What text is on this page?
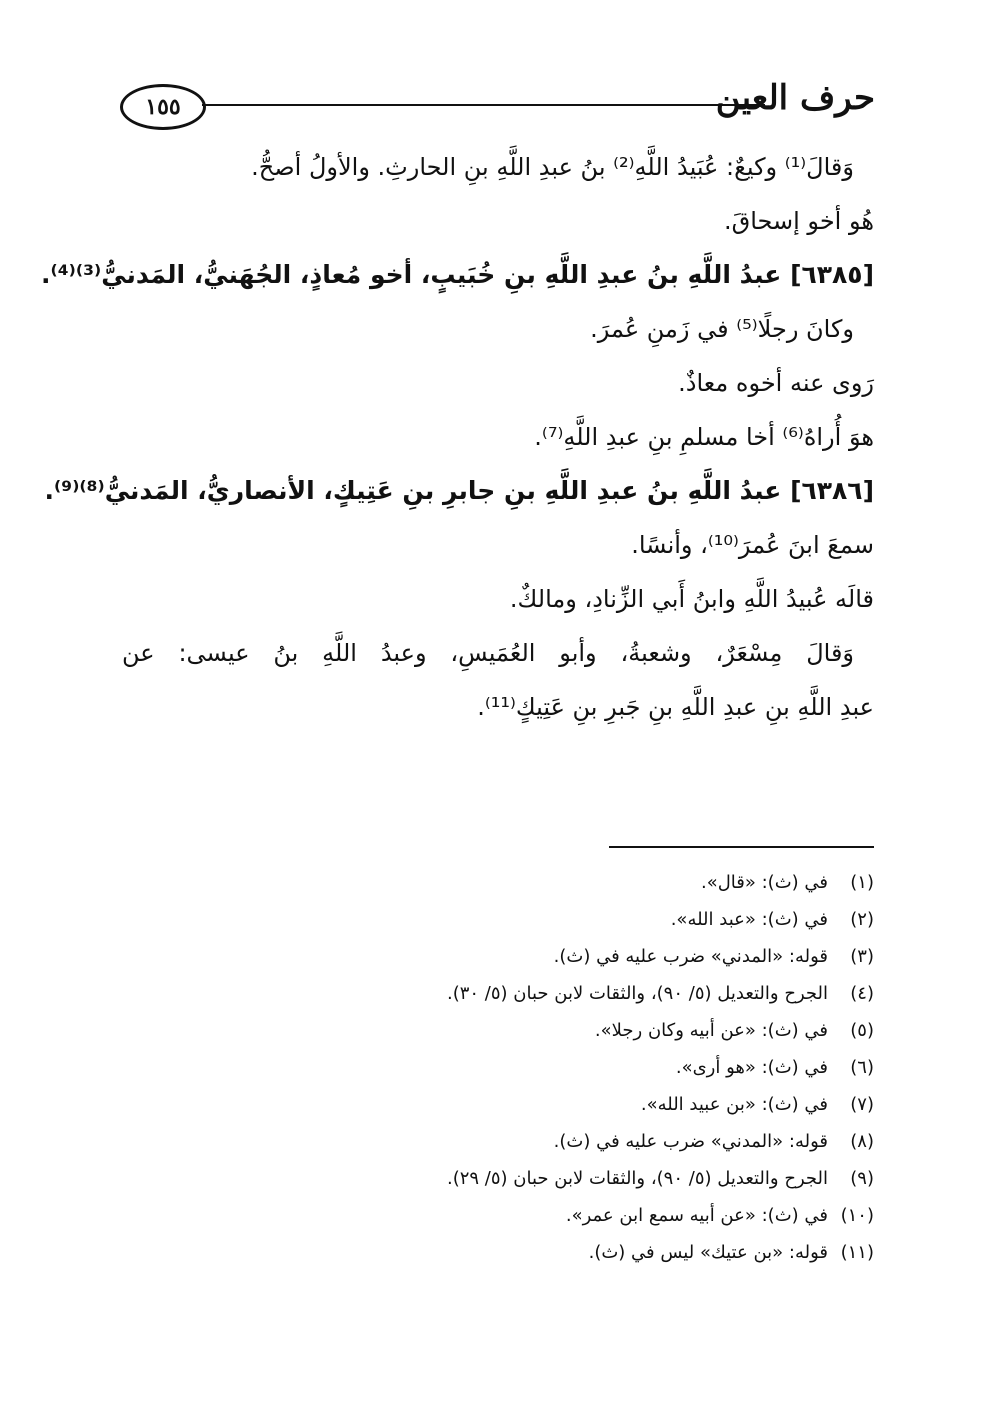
حرف العين
١٥٥
وَقالَ⁽¹⁾ وكيعٌ: عُبَيدُ اللَّهِ⁽²⁾ بنُ عبدِ اللَّهِ بنِ الحارثِ. والأولُ أصحُّ.
هُو أخو إسحاقَ.
[٦٣٨٥] عبدُ اللَّهِ بنُ عبدِ اللَّهِ بنِ خُبَيبٍ، أخو مُعاذٍ، الجُهَنيُّ، المَدنيُّ⁽³⁾⁽⁴⁾.
وكانَ رجلًا⁽⁵⁾ في زَمنِ عُمرَ.
رَوى عنه أخوه معاذٌ.
هوَ أُراهُ⁽⁶⁾ أخا مسلمِ بنِ عبدِ اللَّهِ⁽⁷⁾.
[٦٣٨٦] عبدُ اللَّهِ بنُ عبدِ اللَّهِ بنِ جابرِ بنِ عَتِيكٍ، الأنصاريُّ، المَدنيُّ⁽⁸⁾⁽⁹⁾.
سمعَ ابنَ عُمرَ⁽¹⁰⁾، وأنسًا.
قالَه عُبيدُ اللَّهِ وابنُ أَبي الزِّنادِ، ومالكٌ.
وَقالَ مِسْعَرٌ، وشعبةُ، وأبو العُمَيسِ، وعبدُ اللَّهِ بنُ عيسى: عن
عبدِ اللَّهِ بنِ عبدِ اللَّهِ بنِ جَبرِ بنِ عَتِيكٍ⁽¹¹⁾.
(١)
في (ث): «قال».
(٢)
في (ث): «عبد الله».
(٣)
قوله: «المدني» ضرب عليه في (ث).
(٤)
الجرح والتعديل (٥/ ٩٠)، والثقات لابن حبان (٥/ ٣٠).
(٥)
في (ث): «عن أبيه وكان رجلا».
(٦)
في (ث): «هو أرى».
(٧)
في (ث): «بن عبيد الله».
(٨)
قوله: «المدني» ضرب عليه في (ث).
(٩)
الجرح والتعديل (٥/ ٩٠)، والثقات لابن حبان (٥/ ٢٩).
(١٠)
في (ث): «عن أبيه سمع ابن عمر».
(١١)
قوله: «بن عتيك» ليس في (ث).
